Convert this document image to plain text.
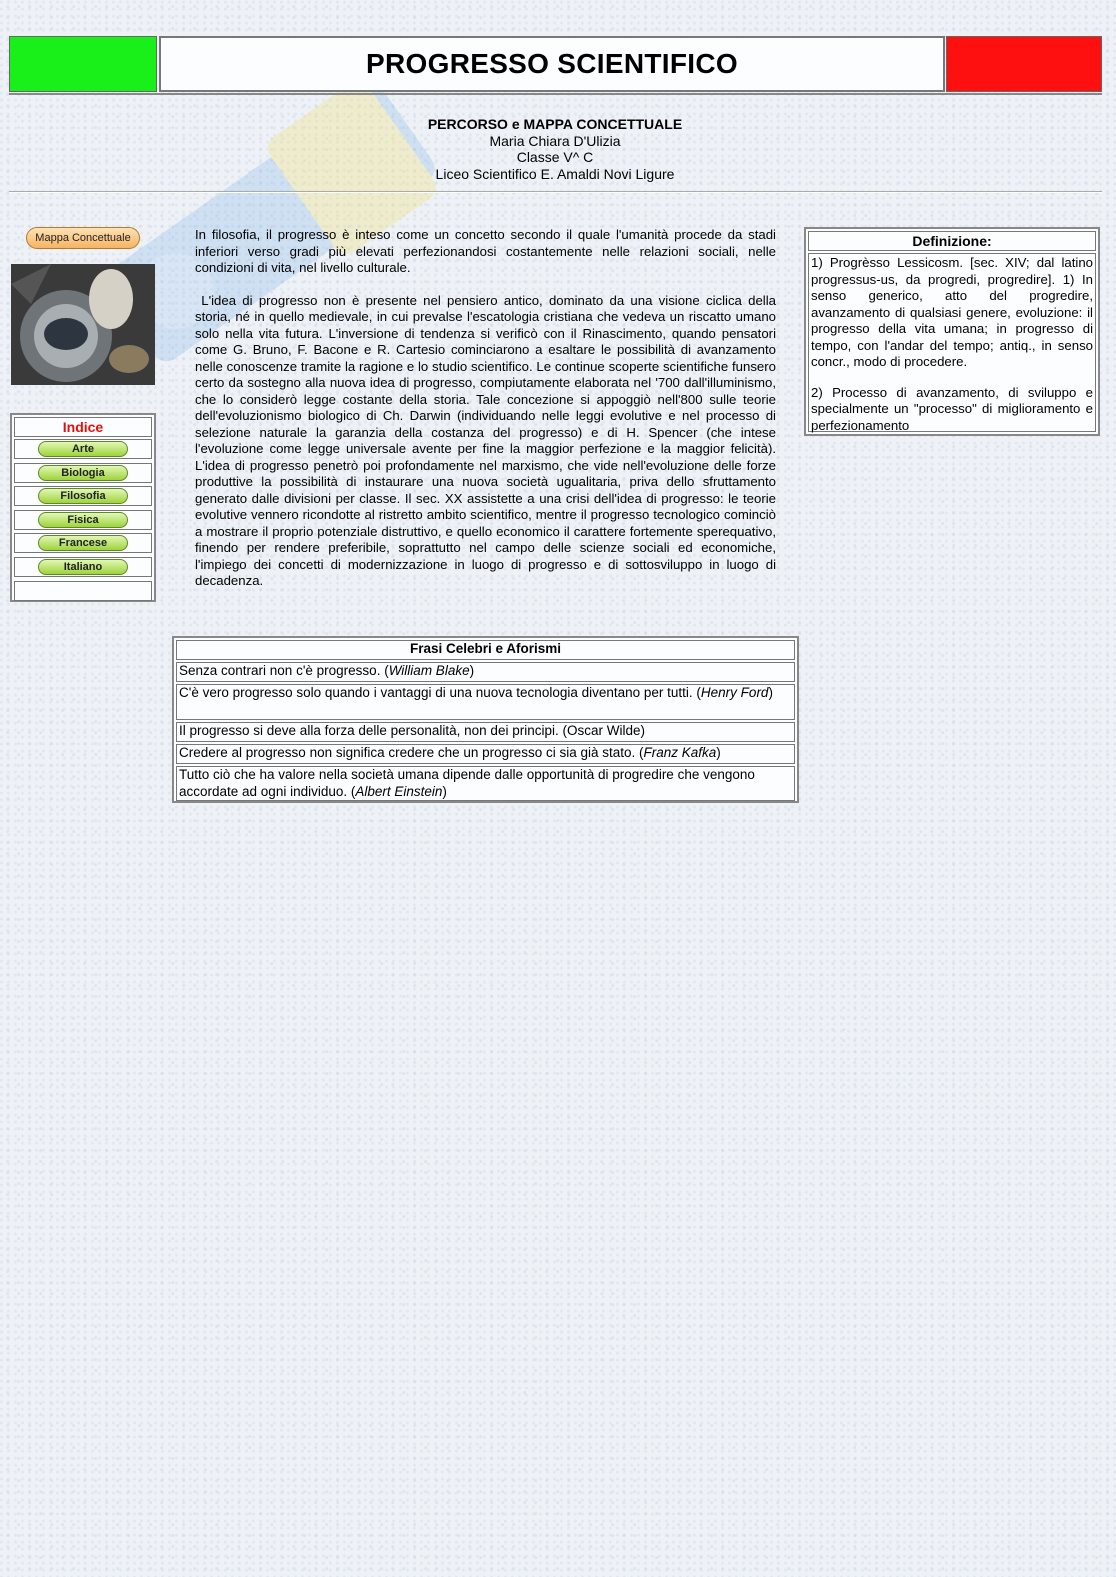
PROGRESSO SCIENTIFICO
PERCORSO e MAPPA CONCETTUALE
Maria Chiara D'Ulizia
Classe V^ C
Liceo Scientifico E. Amaldi Novi Ligure
Mappa Concettuale
Indice
Arte
Biologia
Filosofia
Fisica
Francese
Italiano

In filosofia, il progresso è inteso come un concetto secondo il quale l'umanità procede da stadi inferiori verso gradi più elevati perfezionandosi costantemente nelle relazioni sociali, nelle condizioni di vita, nel livello culturale.

L'idea di progresso non è presente nel pensiero antico, dominato da una visione ciclica della storia, né in quello medievale, in cui prevalse l'escatologia cristiana che vedeva un riscatto umano solo nella vita futura. L'inversione di tendenza si verificò con il Rinascimento, quando pensatori come G. Bruno, F. Bacone e R. Cartesio cominciarono a esaltare le possibilità di avanzamento nelle conoscenze tramite la ragione e lo studio scientifico. Le continue scoperte scientifiche funsero certo da sostegno alla nuova idea di progresso, compiutamente elaborata nel '700 dall'illuminismo, che lo considerò legge costante della storia. Tale concezione si appoggiò nell'800 sulle teorie dell'evoluzionismo biologico di Ch. Darwin (individuando nelle leggi evolutive e nel processo di selezione naturale la garanzia della costanza del progresso) e di H. Spencer (che intese l'evoluzione come legge universale avente per fine la maggior perfezione e la maggior felicità). L'idea di progresso penetrò poi profondamente nel marxismo, che vide nell'evoluzione delle forze produttive la possibilità di instaurare una nuova società ugualitaria, priva dello sfruttamento generato dalle divisioni per classe. Il sec. XX assistette a una crisi dell'idea di progresso: le teorie evolutive vennero ricondotte al ristretto ambito scientifico, mentre il progresso tecnologico cominciò a mostrare il proprio potenziale distruttivo, e quello economico il carattere fortemente sperequativo, finendo per rendere preferibile, soprattutto nel campo delle scienze sociali ed economiche, l'impiego dei concetti di modernizzazione in luogo di progresso e di sottosviluppo in luogo di decadenza.

Definizione:

1) Progrèsso Lessicosm. [sec. XIV; dal latino progressus-us, da progredi, progredire]. 1) In senso generico, atto del progredire, avanzamento di qualsiasi genere, evoluzione: il progresso della vita umana; in progresso di tempo, con l'andar del tempo; antiq., in senso concr., modo di procedere.

2) Processo di avanzamento, di sviluppo e specialmente un "processo" di miglioramento e perfezionamento

Frasi Celebri e Aforismi
Senza contrari non c'è progresso. (William Blake)
C'è vero progresso solo quando i vantaggi di una nuova tecnologia diventano per tutti. (Henry Ford)
Il progresso si deve alla forza delle personalità, non dei principi. (Oscar Wilde)
Credere al progresso non significa credere che un progresso ci sia già stato. (Franz Kafka)
Tutto ciò che ha valore nella società umana dipende dalle opportunità di progredire che vengono accordate ad ogni individuo. (Albert Einstein)
